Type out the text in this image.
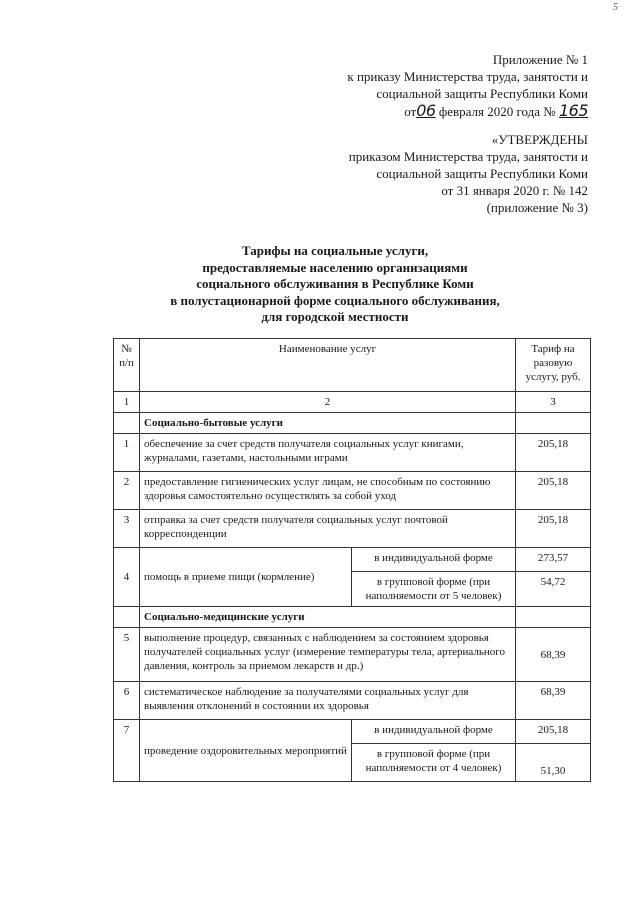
5
Приложение № 1
к приказу Министерства труда, занятости и
социальной защиты Республики Коми
от06 февраля 2020 года № 165
«УТВЕРЖДЕНЫ
приказом Министерства труда, занятости и
социальной защиты Республики Коми
от 31 января 2020 г. № 142
(приложение № 3)
Тарифы на социальные услуги,
предоставляемые населению организациями
социального обслуживания в Республике Коми
в полустационарной форме социального обслуживания,
для городской местности
№ п/п	Наименование услуг		Тариф на разовую услугу, руб.
1	2		3
	Социально-бытовые услуги		
1	обеспечение за счет средств получателя социальных услуг книгами, журналами, газетами, настольными играми		205,18
2	предоставление гигиенических услуг лицам, не способным по состоянию здоровья самостоятельно осуществлять за собой уход		205,18
3	отправка за счет средств получателя социальных услуг почтовой корреспонденции		205,18
4	помощь в приеме пищи (кормление)	в индивидуальной форме	273,57
		в групповой форме (при наполняемости от 5 человек)	54,72
	Социально-медицинские услуги		
5	выполнение процедур, связанных с наблюдением за состоянием здоровья получателей социальных услуг (измерение температуры тела, артериального давления, контроль за приемом лекарств и др.)		68,39
6	систематическое наблюдение за получателями социальных услуг для выявления отклонений в состоянии их здоровья		68,39
7	проведение оздоровительных мероприятий	в индивидуальной форме	205,18
		в групповой форме (при наполняемости от 4 человек)	51,30
